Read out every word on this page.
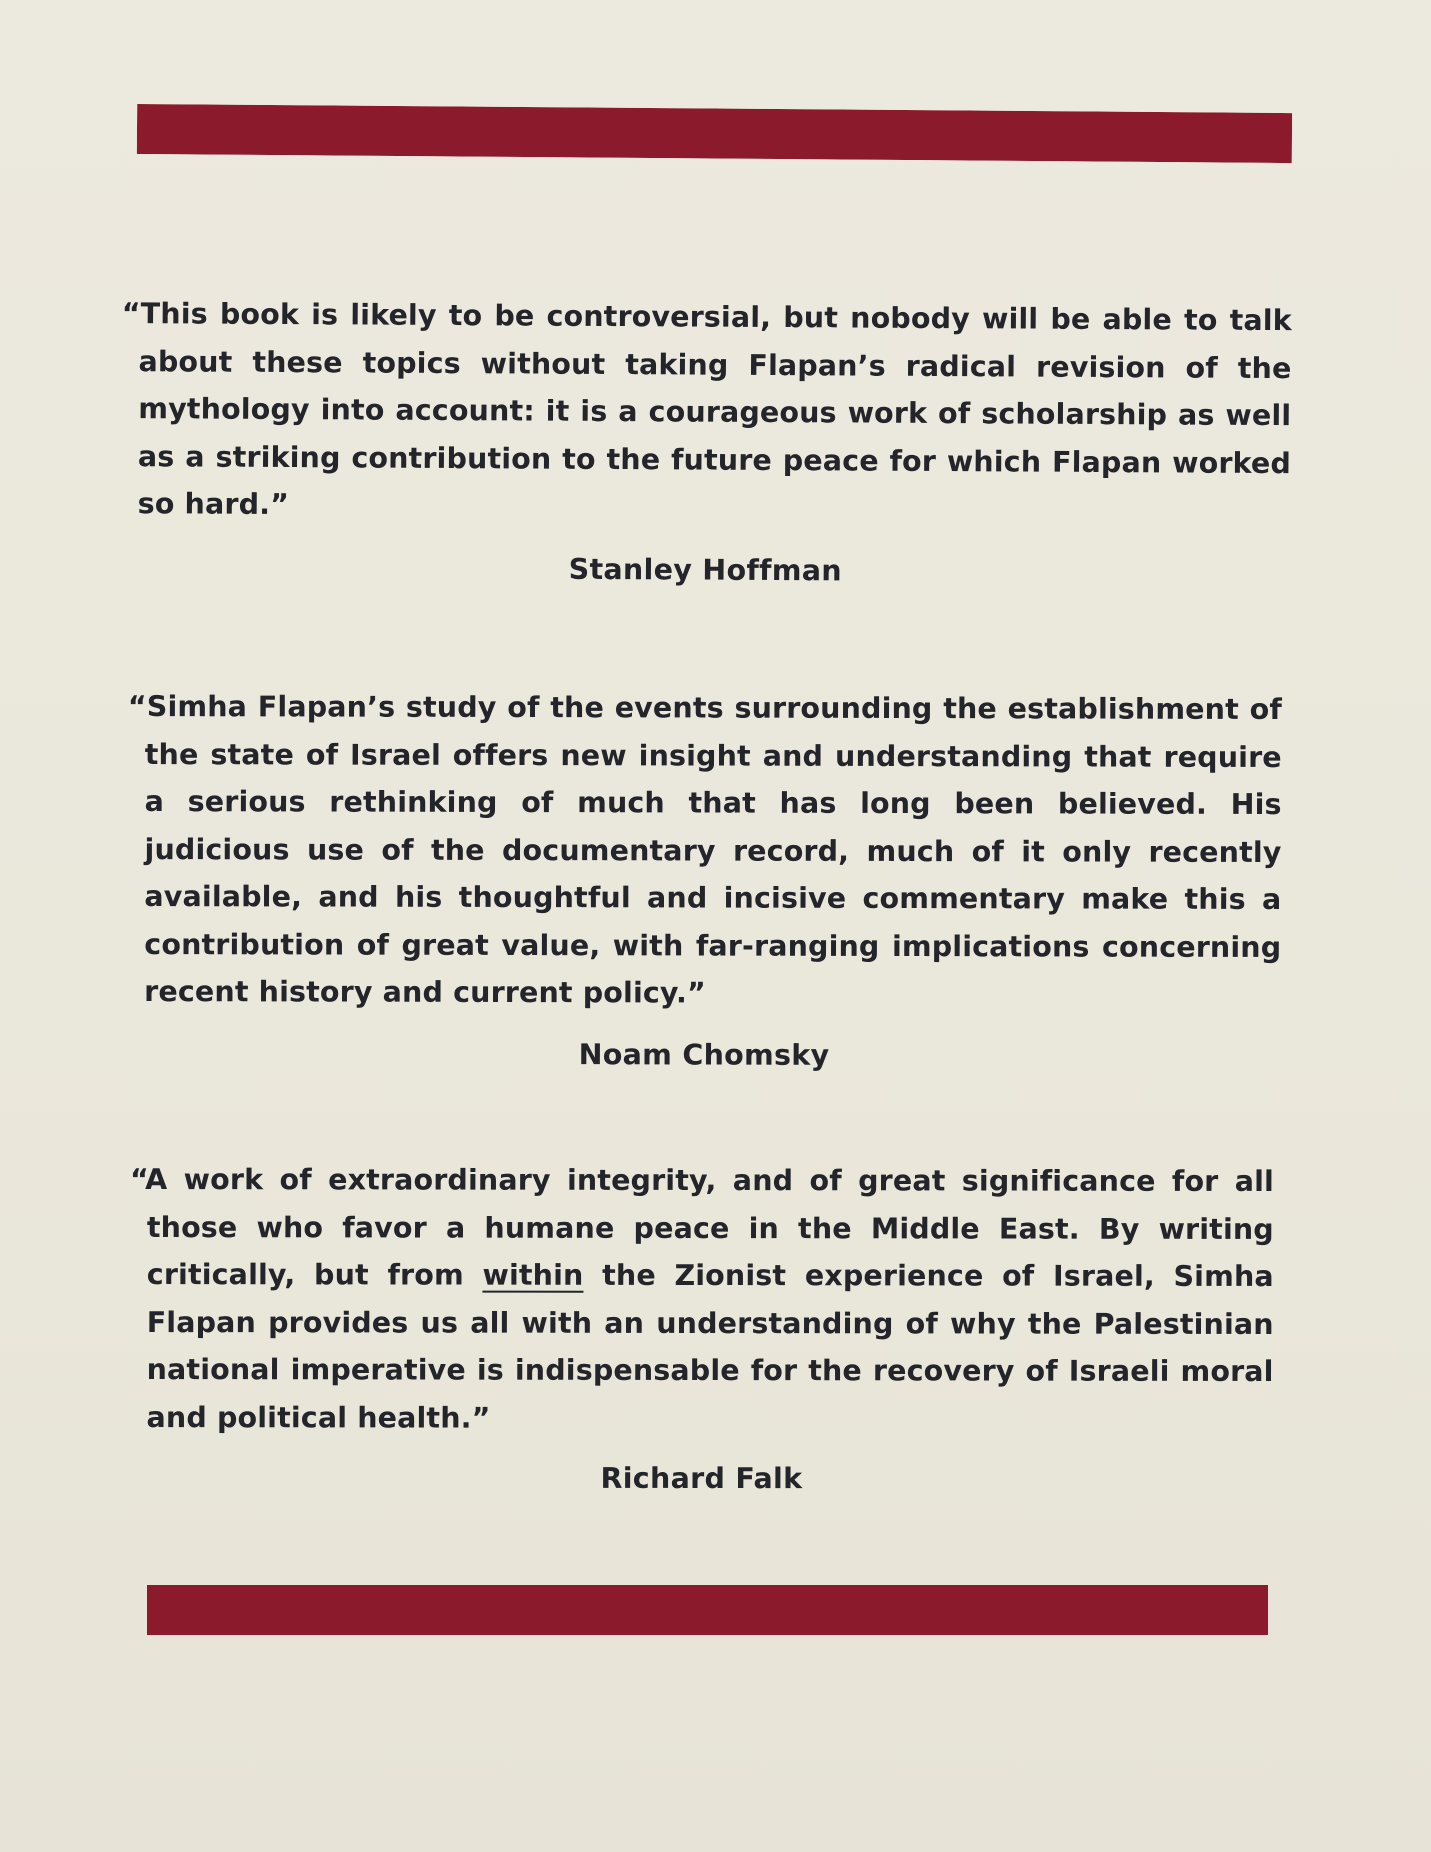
“This book is likely to be controversial, but nobody will be able to talk about these topics without taking Flapan’s radical revision of the mythology into account: it is a courageous work of scholarship as well as a striking contribution to the future peace for which Flapan worked so hard.”

Stanley Hoffman

“Simha Flapan’s study of the events surrounding the establishment of the state of Israel offers new insight and understanding that require a serious rethinking of much that has long been believed. His judicious use of the documentary record, much of it only recently available, and his thoughtful and incisive commentary make this a contribution of great value, with far-ranging implications concerning recent history and current policy.”

Noam Chomsky

“A work of extraordinary integrity, and of great significance for all those who favor a humane peace in the Middle East. By writing critically, but from within the Zionist experience of Israel, Simha Flapan provides us all with an understanding of why the Palestinian national imperative is indispensable for the recovery of Israeli moral and political health.”

Richard Falk
